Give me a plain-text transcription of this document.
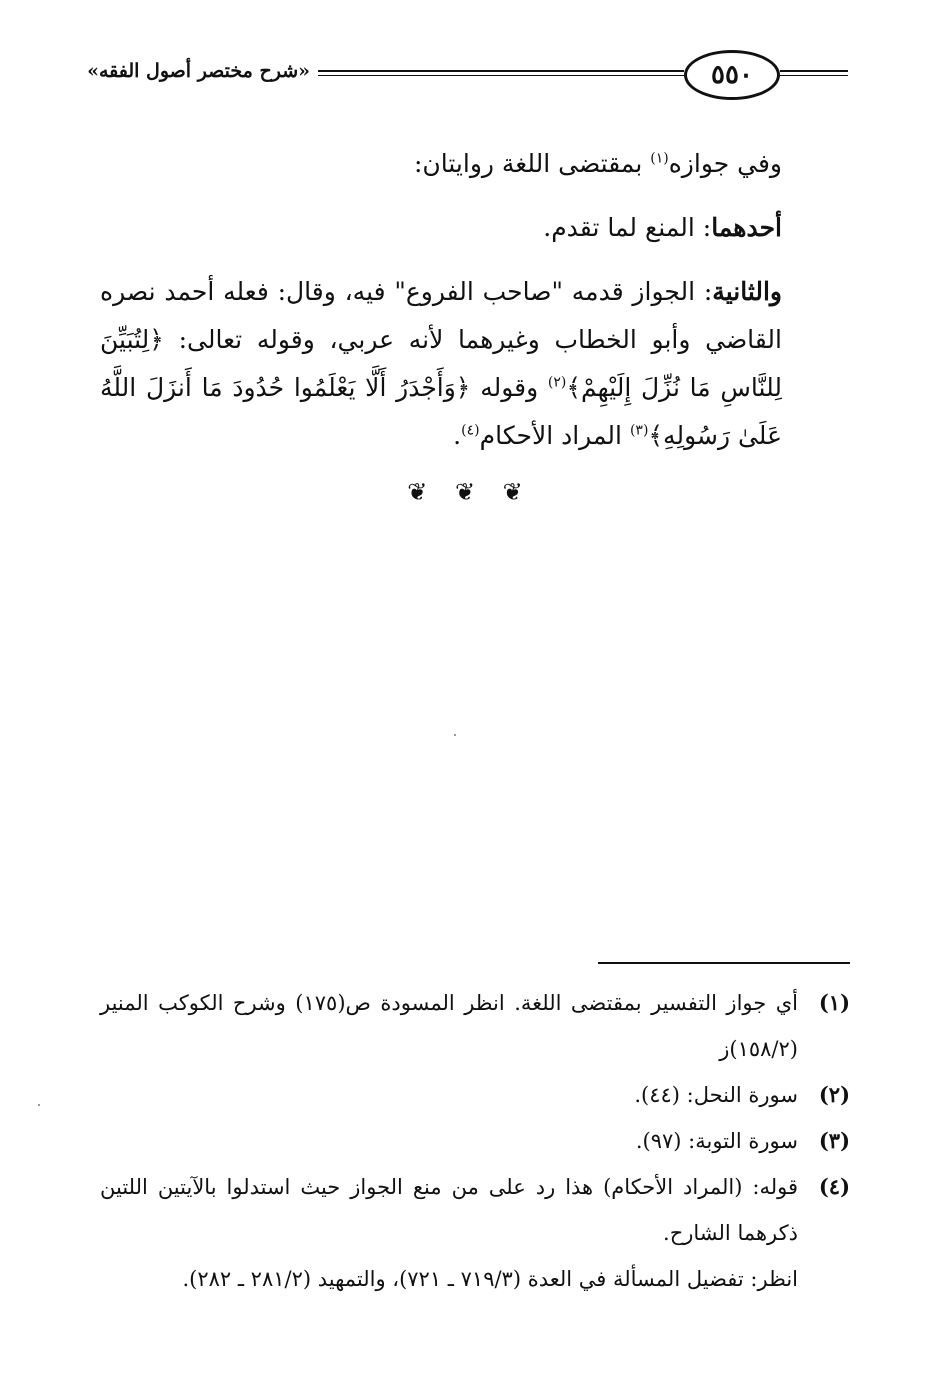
٥٥٠
«شرح مختصر أصول الفقه»

وفي جوازه$^{(١)}$ بمقتضى اللغة روايتان:

أحدهما: المنع لما تقدم.

والثانية: الجواز قدمه "صاحب الفروع" فيه، وقال: فعله أحمد نصره القاضي وأبو الخطاب وغيرهما لأنه عربي، وقوله تعالى: ﴿لِتُبَيِّنَ لِلنَّاسِ مَا نُزِّلَ إِلَيْهِمْ﴾$^{(٢)}$ وقوله ﴿وَأَجْدَرُ أَلَّا يَعْلَمُوا حُدُودَ مَا أَنزَلَ اللَّهُ عَلَىٰ رَسُولِهِ﴾$^{(٣)}$ المراد الأحكام$^{(٤)}$.

❦ ❦ ❦
(١)
أي جواز التفسير بمقتضى اللغة. انظر المسودة ص(١٧٥) وشرح الكوكب المنير (١٥٨/٢)ز
(٢)
سورة النحل: (٤٤).
(٣)
سورة التوبة: (٩٧).
(٤)
قوله: (المراد الأحكام) هذا رد على من منع الجواز حيث استدلوا بالآيتين اللتين ذكرهما الشارح.
انظر: تفضيل المسألة في العدة (٧١٩/٣ ـ ٧٢١)، والتمهيد (٢٨١/٢ ـ ٢٨٢).
